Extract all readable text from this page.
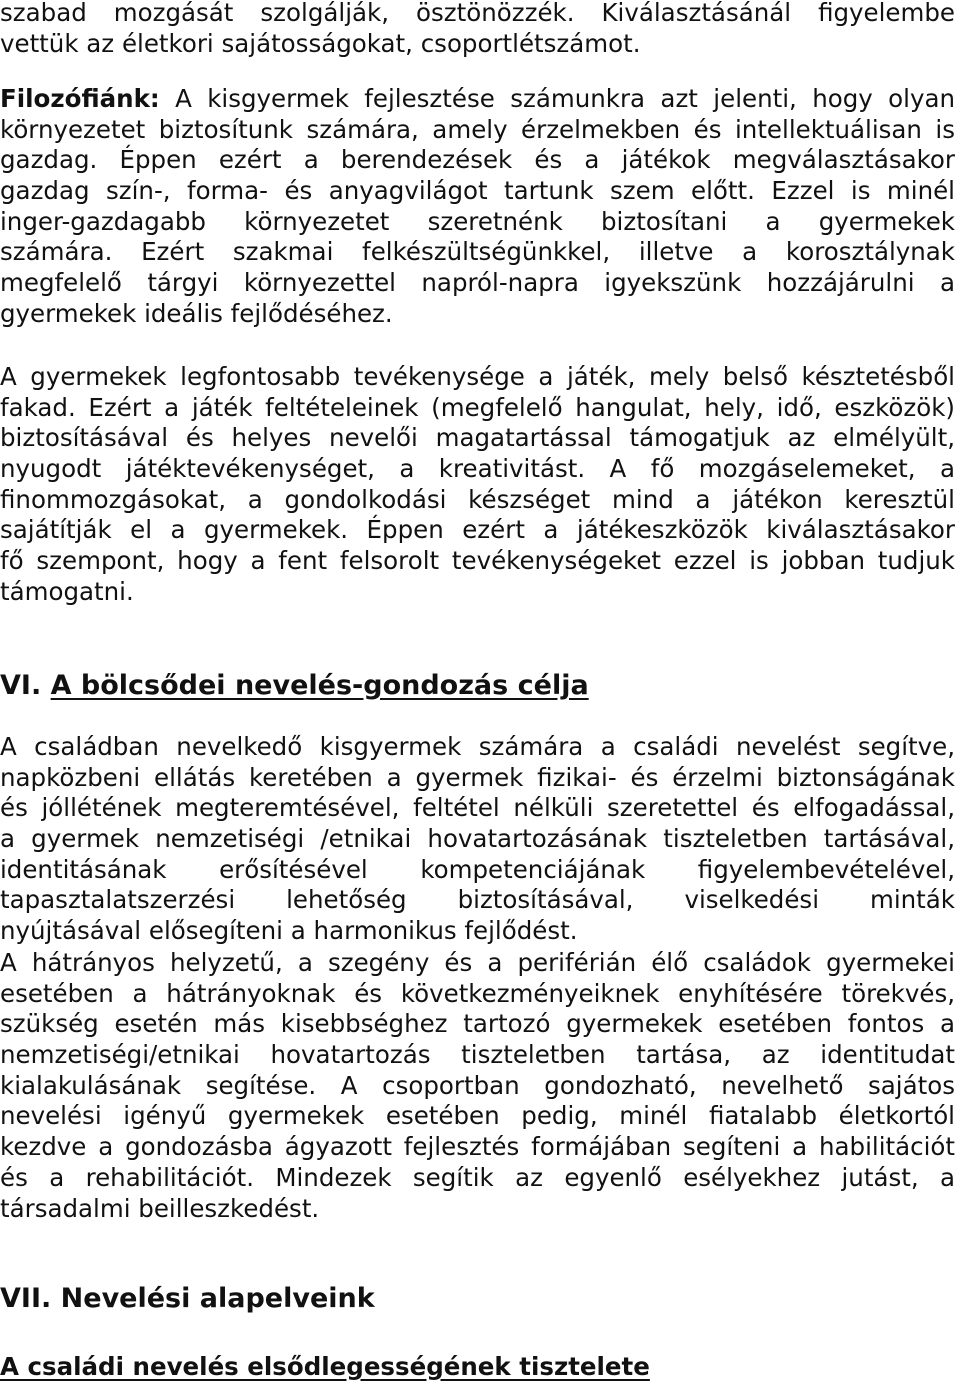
szabad mozgását szolgálják, ösztönözzék. Kiválasztásánál figyelembe
vettük az életkori sajátosságokat, csoportlétszámot.
Filozófiánk: A kisgyermek fejlesztése számunkra azt jelenti, hogy olyan
környezetet biztosítunk számára, amely érzelmekben és intellektuálisan is
gazdag. Éppen ezért a berendezések és a játékok megválasztásakor
gazdag szín-, forma- és anyagvilágot tartunk szem előtt. Ezzel is minél
inger-gazdagabb környezetet szeretnénk biztosítani a gyermekek
számára. Ezért szakmai felkészültségünkkel, illetve a korosztálynak
megfelelő tárgyi környezettel napról-napra igyekszünk hozzájárulni a
gyermekek ideális fejlődéséhez.
A gyermekek legfontosabb tevékenysége a játék, mely belső késztetésből
fakad. Ezért a játék feltételeinek (megfelelő hangulat, hely, idő, eszközök)
biztosításával és helyes nevelői magatartással támogatjuk az elmélyült,
nyugodt játéktevékenységet, a kreativitást. A fő mozgáselemeket, a
finommozgásokat, a gondolkodási készséget mind a játékon keresztül
sajátítják el a gyermekek. Éppen ezért a játékeszközök kiválasztásakor
fő szempont, hogy a fent felsorolt tevékenységeket ezzel is jobban tudjuk
támogatni.
VI. A bölcsődei nevelés-gondozás célja
A családban nevelkedő kisgyermek számára a családi nevelést segítve,
napközbeni ellátás keretében a gyermek fizikai- és érzelmi biztonságának
és jóllétének megteremtésével, feltétel nélküli szeretettel és elfogadással,
a gyermek nemzetiségi /etnikai hovatartozásának tiszteletben tartásával,
identitásának erősítésével kompetenciájának figyelembevételével,
tapasztalatszerzési lehetőség biztosításával, viselkedési minták
nyújtásával elősegíteni a harmonikus fejlődést.
A hátrányos helyzetű, a szegény és a periférián élő családok gyermekei
esetében a hátrányoknak és következményeiknek enyhítésére törekvés,
szükség esetén más kisebbséghez tartozó gyermekek esetében fontos a
nemzetiségi/etnikai hovatartozás tiszteletben tartása, az identitudat
kialakulásának segítése. A csoportban gondozható, nevelhető sajátos
nevelési igényű gyermekek esetében pedig, minél fiatalabb életkortól
kezdve a gondozásba ágyazott fejlesztés formájában segíteni a habilitációt
és a rehabilitációt. Mindezek segítik az egyenlő esélyekhez jutást, a
társadalmi beilleszkedést.
VII. Nevelési alapelveink
A családi nevelés elsődlegességének tiszteletе
